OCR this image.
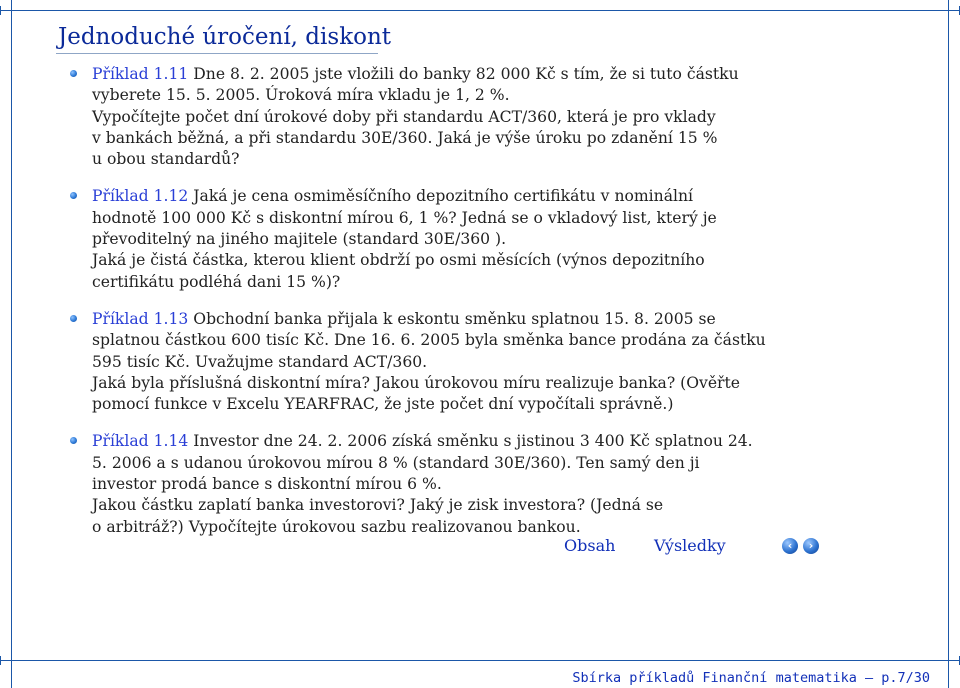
Jednoduché úročení, diskont
Příklad 1.11 Dne 8. 2. 2005 jste vložili do banky 82 000 Kč s tím, že si tuto částku
vyberete 15. 5. 2005. Úroková míra vkladu je 1, 2 %.
Vypočítejte počet dní úrokové doby při standardu ACT/360, která je pro vklady
v bankách běžná, a při standardu 30E/360. Jaká je výše úroku po zdanění 15 %
u obou standardů?
Příklad 1.12 Jaká je cena osmiměsíčního depozitního certifikátu v nominální
hodnotě 100 000 Kč s diskontní mírou 6, 1 %? Jedná se o vkladový list, který je
převoditelný na jiného majitele (standard 30E/360 ).
Jaká je čistá částka, kterou klient obdrží po osmi měsících (výnos depozitního
certifikátu podléhá dani 15 %)?
Příklad 1.13 Obchodní banka přijala k eskontu směnku splatnou 15. 8. 2005 se
splatnou částkou 600 tisíc Kč. Dne 16. 6. 2005 byla směnka bance prodána za částku
595 tisíc Kč. Uvažujme standard ACT/360.
Jaká byla příslušná diskontní míra? Jakou úrokovou míru realizuje banka? (Ověřte
pomocí funkce v Excelu YEARFRAC, že jste počet dní vypočítali správně.)
Příklad 1.14 Investor dne 24. 2. 2006 získá směnku s jistinou 3 400 Kč splatnou 24.
5. 2006 a s udanou úrokovou mírou 8 % (standard 30E/360). Ten samý den ji
investor prodá bance s diskontní mírou 6 %.
Jakou částku zaplatí banka investorovi? Jaký je zisk investora? (Jedná se
o arbitráž?) Vypočítejte úrokovou sazbu realizovanou bankou.
Obsah Výsledky	‹	›
Sbírka příkladů Finanční matematika – p.7/30
